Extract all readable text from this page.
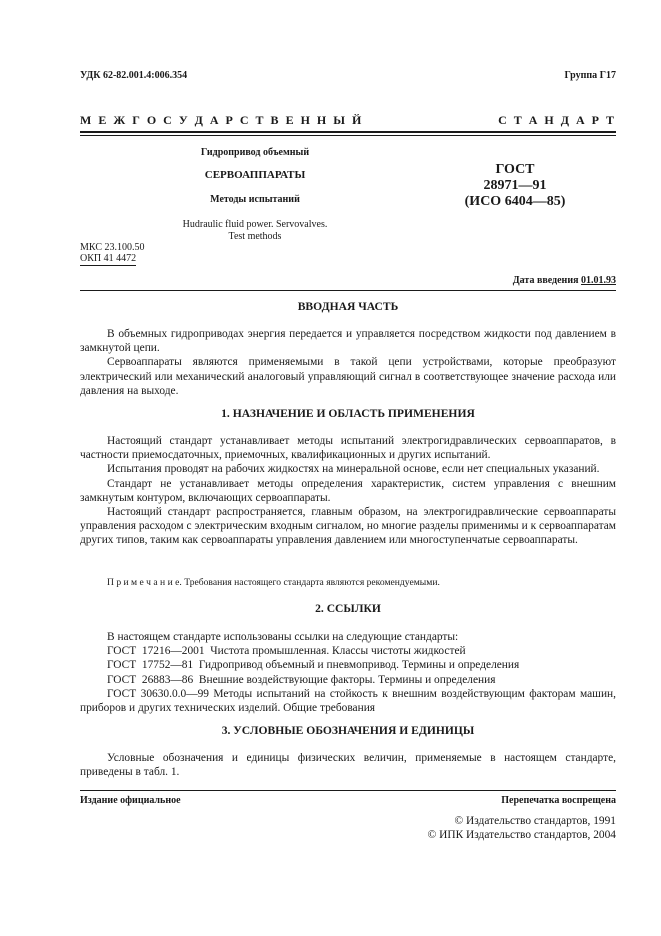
УДК 62-82.001.4:006.354	Группа Г17
М Е Ж Г О С У Д А Р С Т В Е Н Н Ы Й	С Т А Н Д А Р Т
Гидропривод объемный
СЕРВОАППАРАТЫ
Методы испытаний
Hudraulic fluid power. Servovalves.
Test methods
ГОСТ
28971—91
(ИСО 6404—85)
МКС 23.100.50
ОКП 41 4472
Дата введения 01.01.93
ВВОДНАЯ ЧАСТЬ

В объемных гидроприводах энергия передается и управляется посредством жидкости под давлением в замкнутой цепи.

Сервоаппараты являются применяемыми в такой цепи устройствами, которые преобразуют электрический или механический аналоговый управляющий сигнал в соответствующее значение расхода или давления на выходе.

1. НАЗНАЧЕНИЕ И ОБЛАСТЬ ПРИМЕНЕНИЯ

Настоящий стандарт устанавливает методы испытаний электрогидравлических сервоаппаратов, в частности приемосдаточных, приемочных, квалификационных и других испытаний.

Испытания проводят на рабочих жидкостях на минеральной основе, если нет специальных указаний.

Стандарт не устанавливает методы определения характеристик, систем управления с внешним замкнутым контуром, включающих сервоаппараты.

Настоящий стандарт распространяется, главным образом, на электрогидравлические сервоаппараты управления расходом с электрическим входным сигналом, но многие разделы применимы и к сервоаппаратам других типов, таким как сервоаппараты управления давлением или многоступенчатые сервоаппараты.

П р и м е ч а н и е. Требования настоящего стандарта являются рекомендуемыми.
2. ССЫЛКИ

В настоящем стандарте использованы ссылки на следующие стандарты:

ГОСТ  17216—2001  Чистота промышленная. Классы чистоты жидкостей

ГОСТ  17752—81  Гидропривод объемный и пневмопривод. Термины и определения

ГОСТ  26883—86  Внешние воздействующие факторы. Термины и определения

ГОСТ 30630.0.0—99 Методы испытаний на стойкость к внешним воздействующим факторам машин, приборов и других технических изделий. Общие требования

3. УСЛОВНЫЕ ОБОЗНАЧЕНИЯ И ЕДИНИЦЫ

Условные обозначения и единицы физических величин, применяемые в настоящем стандарте, приведены в табл. 1.

Издание официальное	Перепечатка воспрещена
© Издательство стандартов, 1991
© ИПК Издательство стандартов, 2004
